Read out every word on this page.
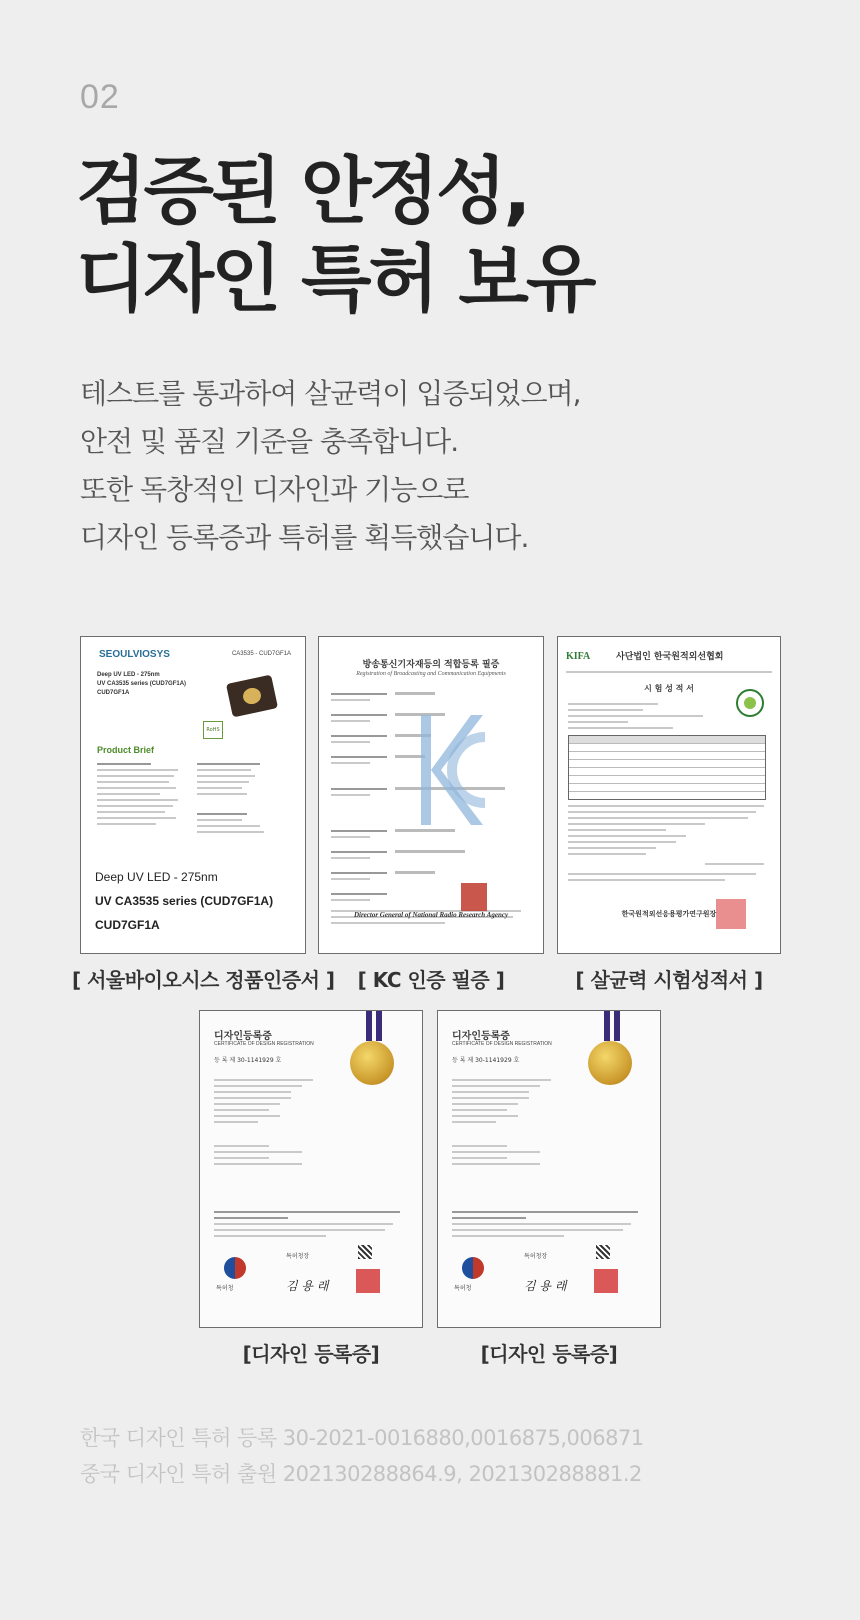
02
검증된 안정성,
디자인 특허 보유
테스트를 통과하여 살균력이 입증되었으며,
안전 및 품질 기준을 충족합니다.
또한 독창적인 디자인과 기능으로
디자인 등록증과 특허를 획득했습니다.
SEOULVIOSYS	CA3535 - CUD7GF1A
Deep UV LED - 275nm
UV CA3535 series (CUD7GF1A)
CUD7GF1A
RoHS
Product Brief
Deep UV LED - 275nm
UV CA3535 series (CUD7GF1A)
CUD7GF1A
[ 서울바이오시스 정품인증서 ]
방송통신기자재등의 적합등록 필증
Registration of Broadcasting and Communication Equipments
Director General of National Radio Research Agency
[ KC 인증 필증 ]
KIFA	사단법인 한국원적외선협회
시 험 성 적 서
한국원적외선응용평가연구원장
[ 살균력 시험성적서 ]
디자인등록증
CERTIFICATE OF DESIGN REGISTRATION
등 록 제 30-1141929 호
특허청
특허청장
김 용 래
[디자인 등록증]
디자인등록증
CERTIFICATE OF DESIGN REGISTRATION
등 록 제 30-1141929 호
특허청
특허청장
김 용 래
[디자인 등록증]
한국 디자인 특허 등록 30-2021-0016880,0016875,006871
중국 디자인 특허 출원 202130288864.9, 202130288881.2
